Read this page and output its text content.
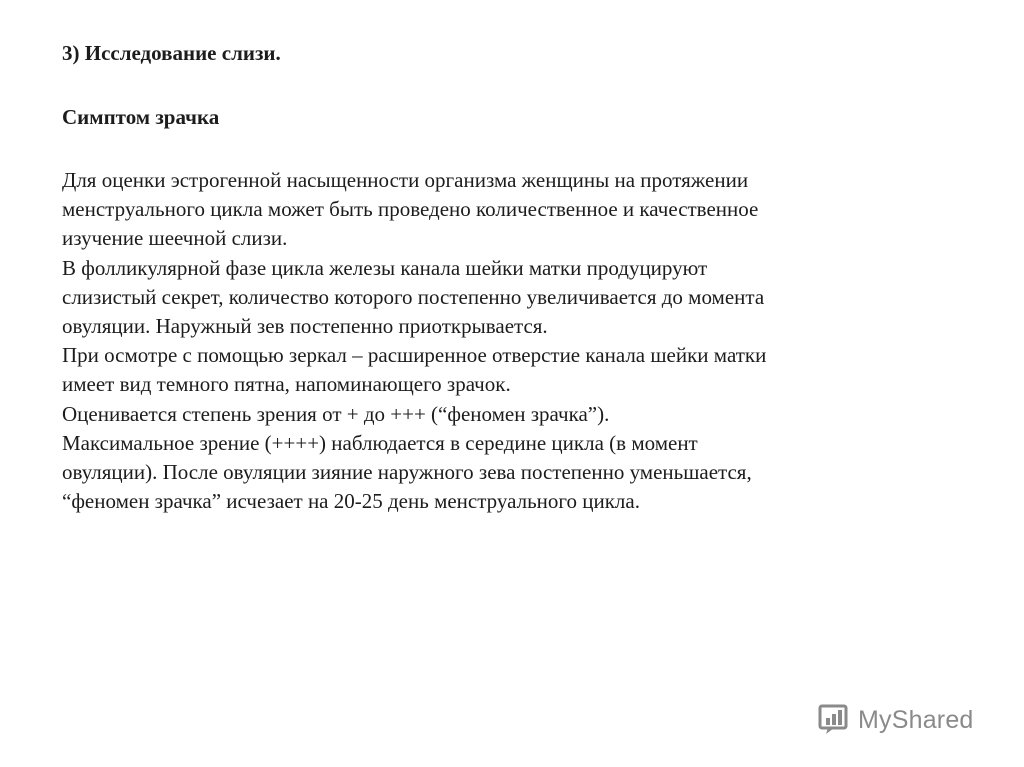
3) Исследование слизи.

Симптом зрачка

Для оценки эстрогенной насыщенности организма женщины на протяжении
менструального цикла может быть проведено количественное и качественное
изучение шеечной слизи.
В фолликулярной фазе цикла железы канала шейки матки продуцируют
слизистый секрет, количество которого постепенно увеличивается до момента
овуляции. Наружный зев постепенно приоткрывается.
При осмотре с помощью зеркал – расширенное отверстие канала шейки матки
имеет вид темного пятна, напоминающего зрачок.
Оценивается степень зрения от + до +++ (“феномен зрачка”).
Максимальное зрение (++++) наблюдается в середине цикла (в момент
овуляции). После овуляции зияние наружного зева постепенно уменьшается,
“феномен зрачка” исчезает на 20-25 день менструального цикла.
MyShared
